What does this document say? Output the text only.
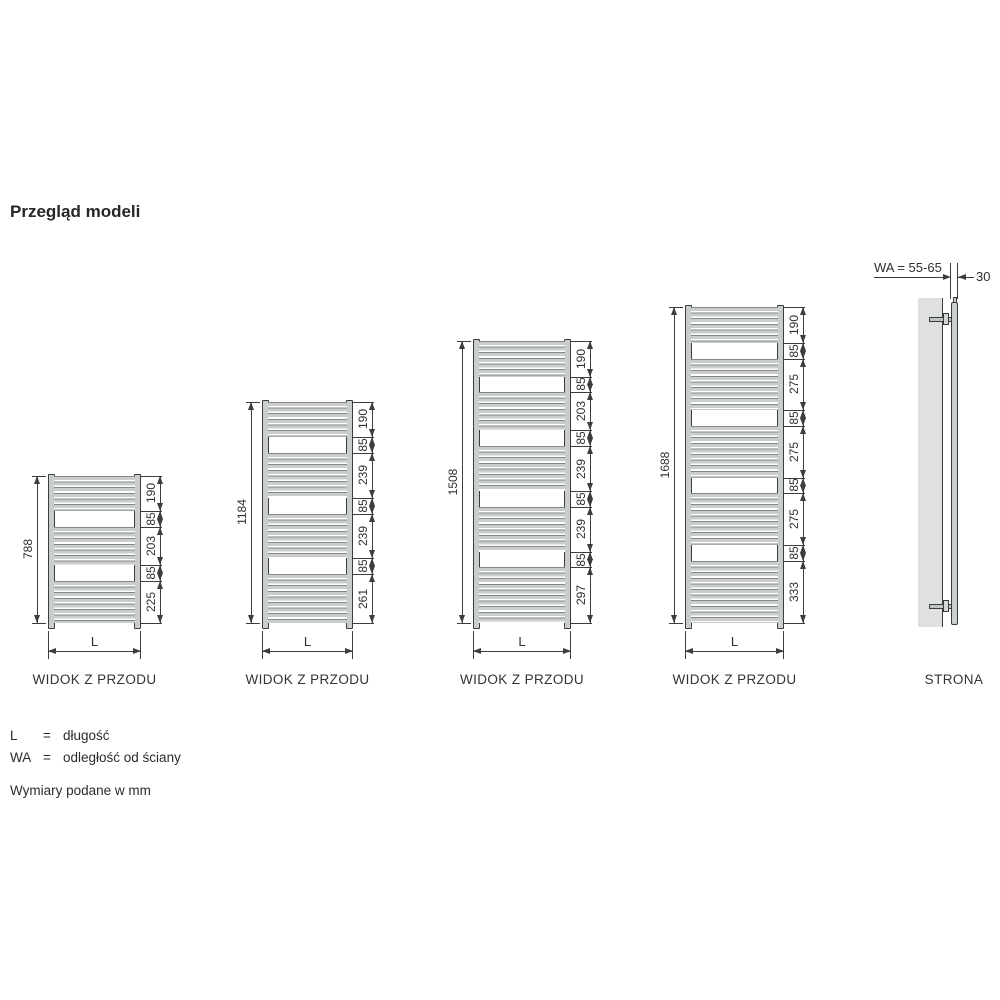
Przegląd modeli
WA = 55-65
30
STRONA
L = długość
WA = odległość od ściany
Wymiary podane w mm
190
85
203
85
225
788
L
WIDOK Z PRZODU
190
85
239
85
239
85
261
1184
L
WIDOK Z PRZODU
190
85
203
85
239
85
239
85
297
1508
L
WIDOK Z PRZODU
190
85
275
85
275
85
275
85
333
1688
L
WIDOK Z PRZODU
